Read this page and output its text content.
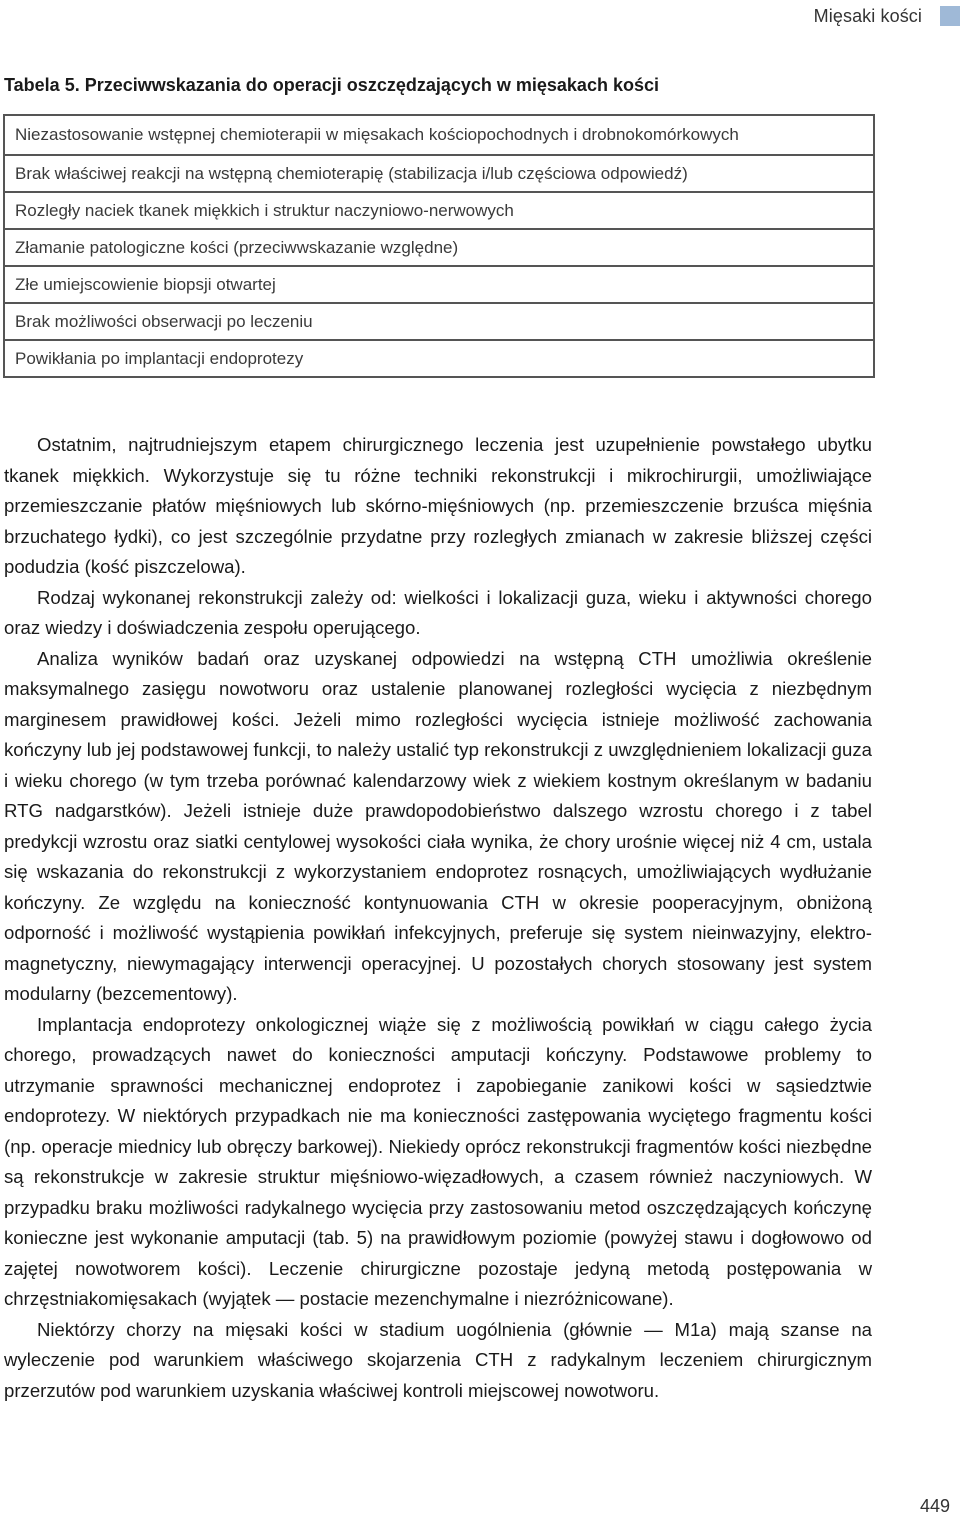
Mięsaki kości
Tabela 5. Przeciwwskazania do operacji oszczędzających w mięsakach kości
Niezastosowanie wstępnej chemioterapii w mięsakach kościopochodnych i drobnokomórkowych
Brak właściwej reakcji na wstępną chemioterapię (stabilizacja i/lub częściowa odpowiedź)
Rozległy naciek tkanek miękkich i struktur naczyniowo-nerwowych
Złamanie patologiczne kości (przeciwwskazanie względne)
Złe umiejscowienie biopsji otwartej
Brak możliwości obserwacji po leczeniu
Powikłania po implantacji endoprotezy

Ostatnim, najtrudniejszym etapem chirurgicznego leczenia jest uzupełnienie powstałego ubytku tkanek miękkich. Wykorzystuje się tu różne techniki rekonstrukcji i mikrochirurgii, umożliwiające przemieszczanie płatów mięśniowych lub skórno-mięśniowych (np. przemieszczenie brzuśca mięśnia brzuchatego łydki), co jest szczególnie przydatne przy rozległych zmianach w zakresie bliższej części podudzia (kość piszczelowa).

Rodzaj wykonanej rekonstrukcji zależy od: wielkości i lokalizacji guza, wieku i aktywności chorego oraz wiedzy i doświadczenia zespołu operującego.

Analiza wyników badań oraz uzyskanej odpowiedzi na wstępną CTH umożliwia określenie maksymalnego zasięgu nowotworu oraz ustalenie planowanej rozległości wycięcia z niezbędnym marginesem prawidłowej kości. Jeżeli mimo rozległości wycięcia istnieje możliwość zachowania kończyny lub jej podstawowej funkcji, to należy ustalić typ rekonstrukcji z uwzględnieniem lokalizacji guza i wieku chorego (w tym trzeba porównać kalendarzowy wiek z wiekiem kostnym określanym w badaniu RTG nadgarstków). Jeżeli istnieje duże prawdopodobieństwo dalszego wzrostu chorego i z tabel predykcji wzrostu oraz siatki centylowej wysokości ciała wynika, że chory urośnie więcej niż 4 cm, ustala się wskazania do rekonstrukcji z wykorzystaniem endoprotez rosnących, umożliwiających wydłużanie kończyny. Ze względu na konieczność kontynuowania CTH w okresie pooperacyjnym, obniżoną odporność i możliwość wystąpienia powikłań infekcyjnych, preferuje się system nieinwazyjny, elektromagnetyczny, niewymagający interwencji operacyjnej. U pozostałych chorych stosowany jest system modularny (bezcementowy).

Implantacja endoprotezy onkologicznej wiąże się z możliwością powikłań w ciągu całego życia chorego, prowadzących nawet do konieczności amputacji kończyny. Podstawowe problemy to utrzymanie sprawności mechanicznej endoprotez i zapobieganie zanikowi kości w sąsiedztwie endoprotezy. W niektórych przypadkach nie ma konieczności zastępowania wyciętego fragmentu kości (np. operacje miednicy lub obręczy barkowej). Niekiedy oprócz rekonstrukcji fragmentów kości niezbędne są rekonstrukcje w zakresie struktur mięśniowo-więzadłowych, a czasem również naczyniowych. W przypadku braku możliwości radykalnego wycięcia przy zastosowaniu metod oszczędzających kończynę konieczne jest wykonanie amputacji (tab. 5) na prawidłowym poziomie (powyżej stawu i dogłowowo od zajętej nowotworem kości). Leczenie chirurgiczne pozostaje jedyną metodą postępowania w chrzęstniakomięsakach (wyjątek — postacie mezenchymalne i niezróżnicowane).

Niektórzy chorzy na mięsaki kości w stadium uogólnienia (głównie — M1a) mają szanse na wyleczenie pod warunkiem właściwego skojarzenia CTH z radykalnym leczeniem chirurgicznym przerzutów pod warunkiem uzyskania właściwej kontroli miejscowej nowotworu.

449
